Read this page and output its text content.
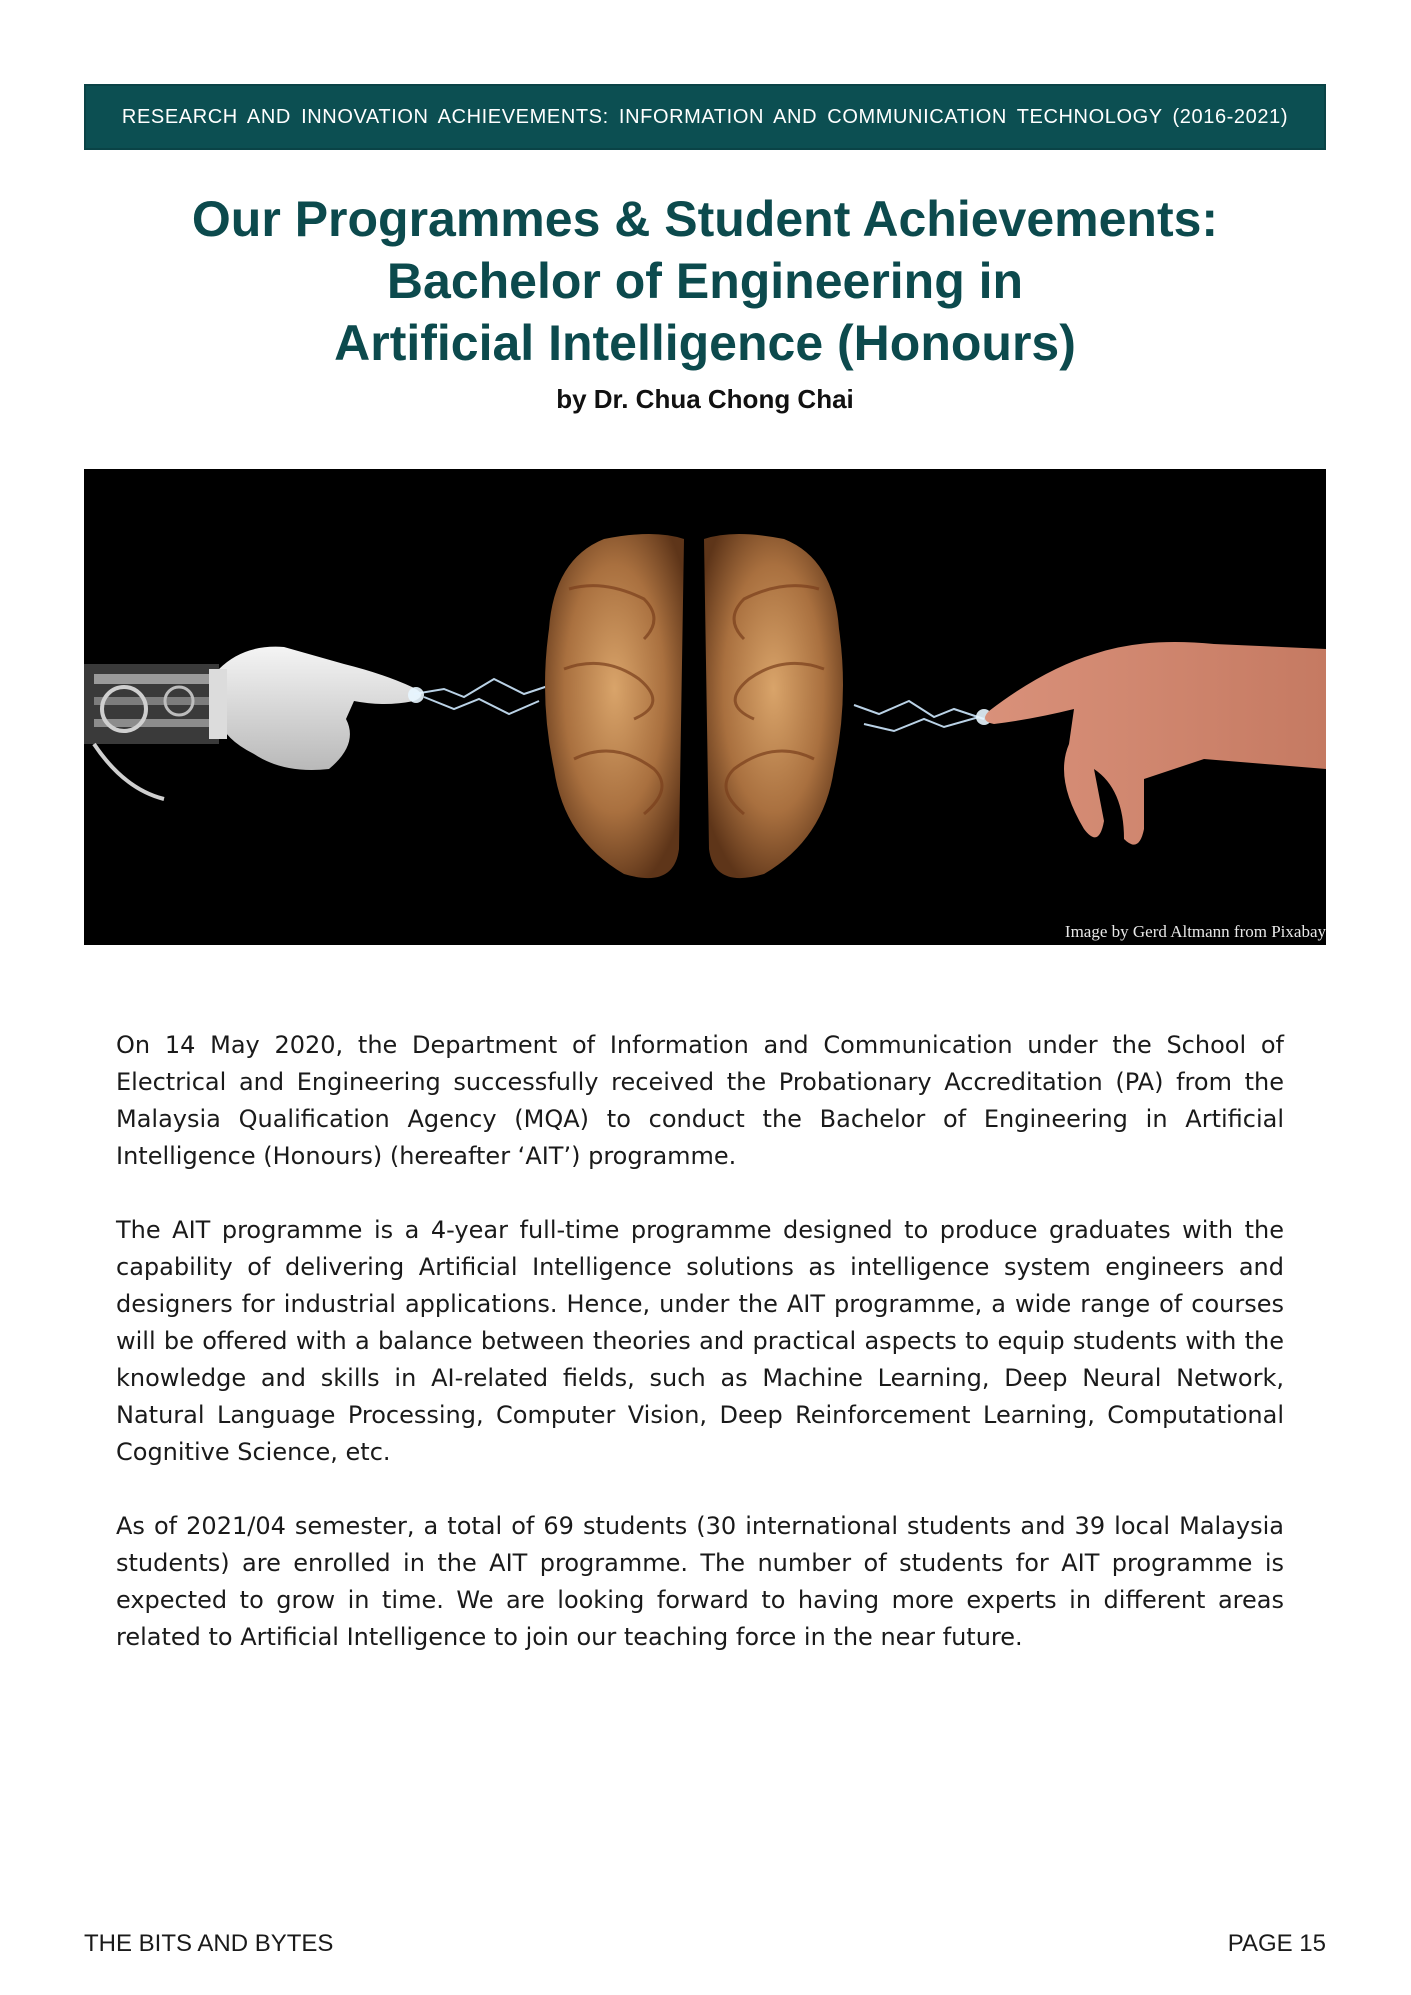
RESEARCH AND INNOVATION ACHIEVEMENTS: INFORMATION AND COMMUNICATION TECHNOLOGY (2016-2021)
Our Programmes & Student Achievements:
Bachelor of Engineering in
Artificial Intelligence (Honours)
by Dr. Chua Chong Chai
Image by Gerd Altmann from Pixabay

On 14 May 2020, the Department of Information and Communication under the School of Electrical and Engineering successfully received the Probationary Accreditation (PA) from the Malaysia Qualification Agency (MQA) to conduct the Bachelor of Engineering in Artificial Intelligence (Honours) (hereafter ‘AIT’) programme.

The AIT programme is a 4-year full-time programme designed to produce graduates with the capability of delivering Artificial Intelligence solutions as intelligence system engineers and designers for industrial applications. Hence, under the AIT programme, a wide range of courses will be offered with a balance between theories and practical aspects to equip students with the knowledge and skills in AI-related fields, such as Machine Learning, Deep Neural Network, Natural Language Processing, Computer Vision, Deep Reinforcement Learning, Computational Cognitive Science, etc.

As of 2021/04 semester, a total of 69 students (30 international students and 39 local Malaysia students) are enrolled in the AIT programme. The number of students for AIT programme is expected to grow in time. We are looking forward to having more experts in different areas related to Artificial Intelligence to join our teaching force in the near future.

THE BITS AND BYTES	PAGE 15
